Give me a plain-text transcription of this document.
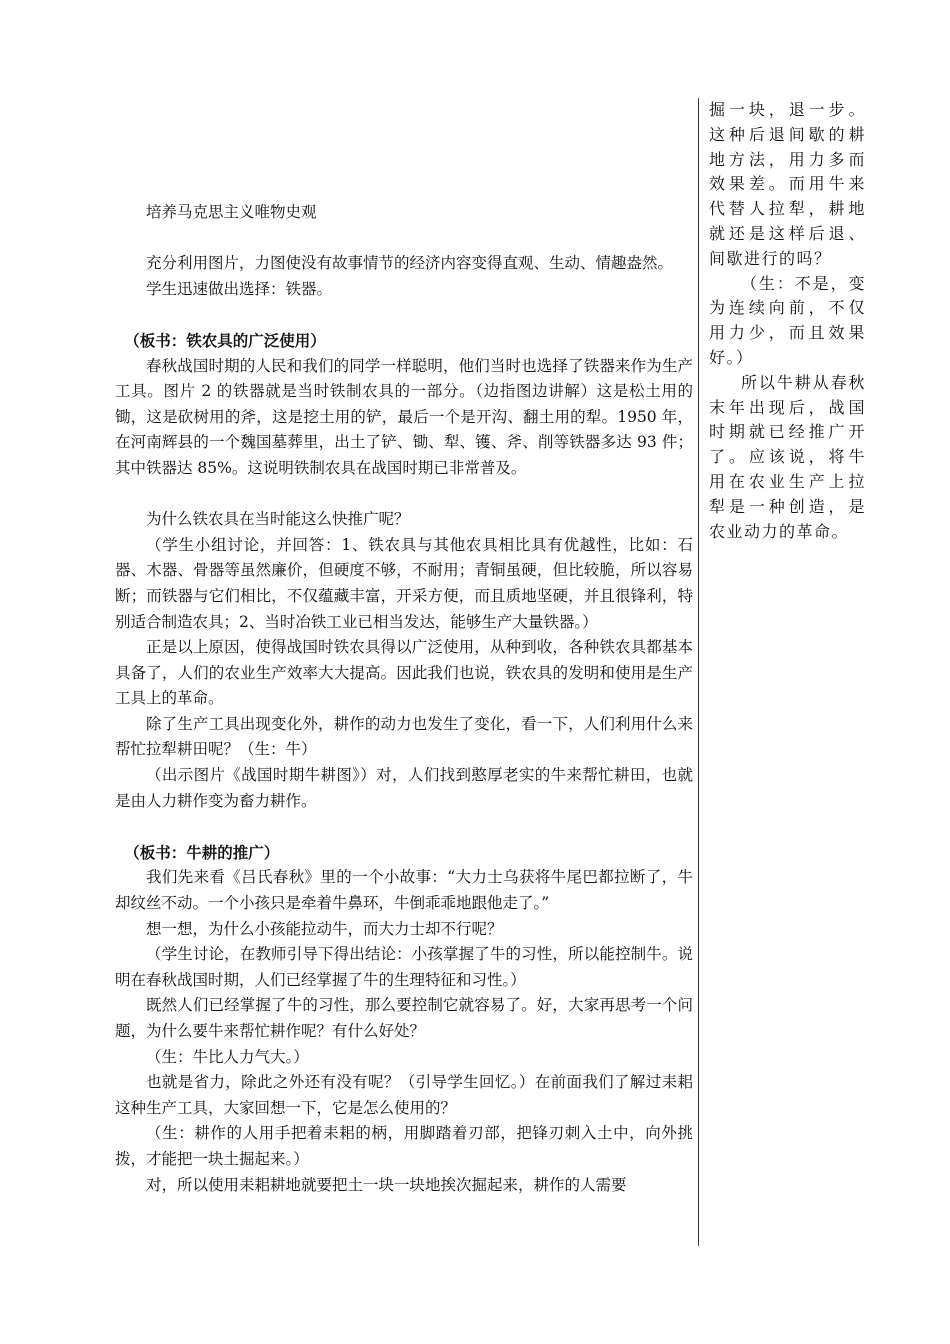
培养马克思主义唯物史观

充分利用图片，力图使没有故事情节的经济内容变得直观、生动、情趣盎然。

学生迅速做出选择：铁器。

（板书：铁农具的广泛使用）

春秋战国时期的人民和我们的同学一样聪明，他们当时也选择了铁器来作为生产工具。图片 2 的铁器就是当时铁制农具的一部分。（边指图边讲解）这是松土用的锄，这是砍树用的斧，这是挖土用的铲，最后一个是开沟、翻土用的犁。1950 年，在河南辉县的一个魏国墓葬里，出土了铲、锄、犁、镬、斧、削等铁器多达 93 件；其中铁器达 85%。这说明铁制农具在战国时期已非常普及。

为什么铁农具在当时能这么快推广呢？

（学生小组讨论，并回答：1、铁农具与其他农具相比具有优越性，比如：石器、木器、骨器等虽然廉价，但硬度不够，不耐用；青铜虽硬，但比较脆，所以容易断；而铁器与它们相比，不仅蕴藏丰富，开采方便，而且质地坚硬，并且很锋利，特别适合制造农具；2、当时冶铁工业已相当发达，能够生产大量铁器。）

正是以上原因，使得战国时铁农具得以广泛使用，从种到收，各种铁农具都基本具备了，人们的农业生产效率大大提高。因此我们也说，铁农具的发明和使用是生产工具上的革命。

除了生产工具出现变化外，耕作的动力也发生了变化，看一下，人们利用什么来帮忙拉犁耕田呢？（生：牛）

（出示图片《战国时期牛耕图》）对，人们找到憨厚老实的牛来帮忙耕田，也就是由人力耕作变为畜力耕作。

（板书：牛耕的推广）

我们先来看《吕氏春秋》里的一个小故事：“大力士乌获将牛尾巴都拉断了，牛却纹丝不动。一个小孩只是牵着牛鼻环，牛倒乖乖地跟他走了。”

想一想，为什么小孩能拉动牛，而大力士却不行呢？

（学生讨论，在教师引导下得出结论：小孩掌握了牛的习性，所以能控制牛。说明在春秋战国时期，人们已经掌握了牛的生理特征和习性。）

既然人们已经掌握了牛的习性，那么要控制它就容易了。好，大家再思考一个问题，为什么要牛来帮忙耕作呢？有什么好处？

（生：牛比人力气大。）

也就是省力，除此之外还有没有呢？（引导学生回忆。）在前面我们了解过耒耜这种生产工具，大家回想一下，它是怎么使用的？

（生：耕作的人用手把着耒耜的柄，用脚踏着刃部，把锋刃刺入土中，向外挑拨，才能把一块土掘起来。）

对，所以使用耒耜耕地就要把土一块一块地挨次掘起来，耕作的人需要

掘一块，退一步。这种后退间歇的耕地方法，用力多而效果差。而用牛来代替人拉犁，耕地就还是这样后退、间歇进行的吗？

（生：不是，变为连续向前，不仅用力少，而且效果好。）

所以牛耕从春秋末年出现后，战国时期就已经推广开了。应该说，将牛用在农业生产上拉犁是一种创造，是农业动力的革命。
